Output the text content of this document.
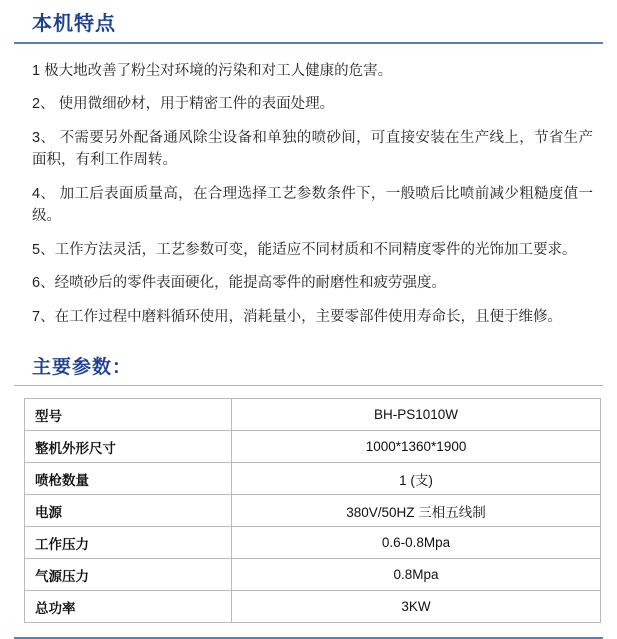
本机特点
1 极大地改善了粉尘对环境的污染和对工人健康的危害。
2、 使用微细砂材，用于精密工件的表面处理。
3、 不需要另外配备通风除尘设备和单独的喷砂间，可直接安装在生产线上，节省生产面积，有利工作周转。
4、 加工后表面质量高，在合理选择工艺参数条件下，一般喷后比喷前减少粗糙度值一级。
5、工作方法灵活，工艺参数可变，能适应不同材质和不同精度零件的光饰加工要求。
6、经喷砂后的零件表面硬化，能提高零件的耐磨性和疲劳强度。
7、在工作过程中磨料循环使用，消耗量小，主要零部件使用寿命长，且便于维修。
主要参数：
型号	BH-PS1010W
整机外形尺寸	1000*1360*1900
喷枪数量	1 (支)
电源	380V/50HZ 三相五线制
工作压力	0.6-0.8Mpa
气源压力	0.8Mpa
总功率	3KW
